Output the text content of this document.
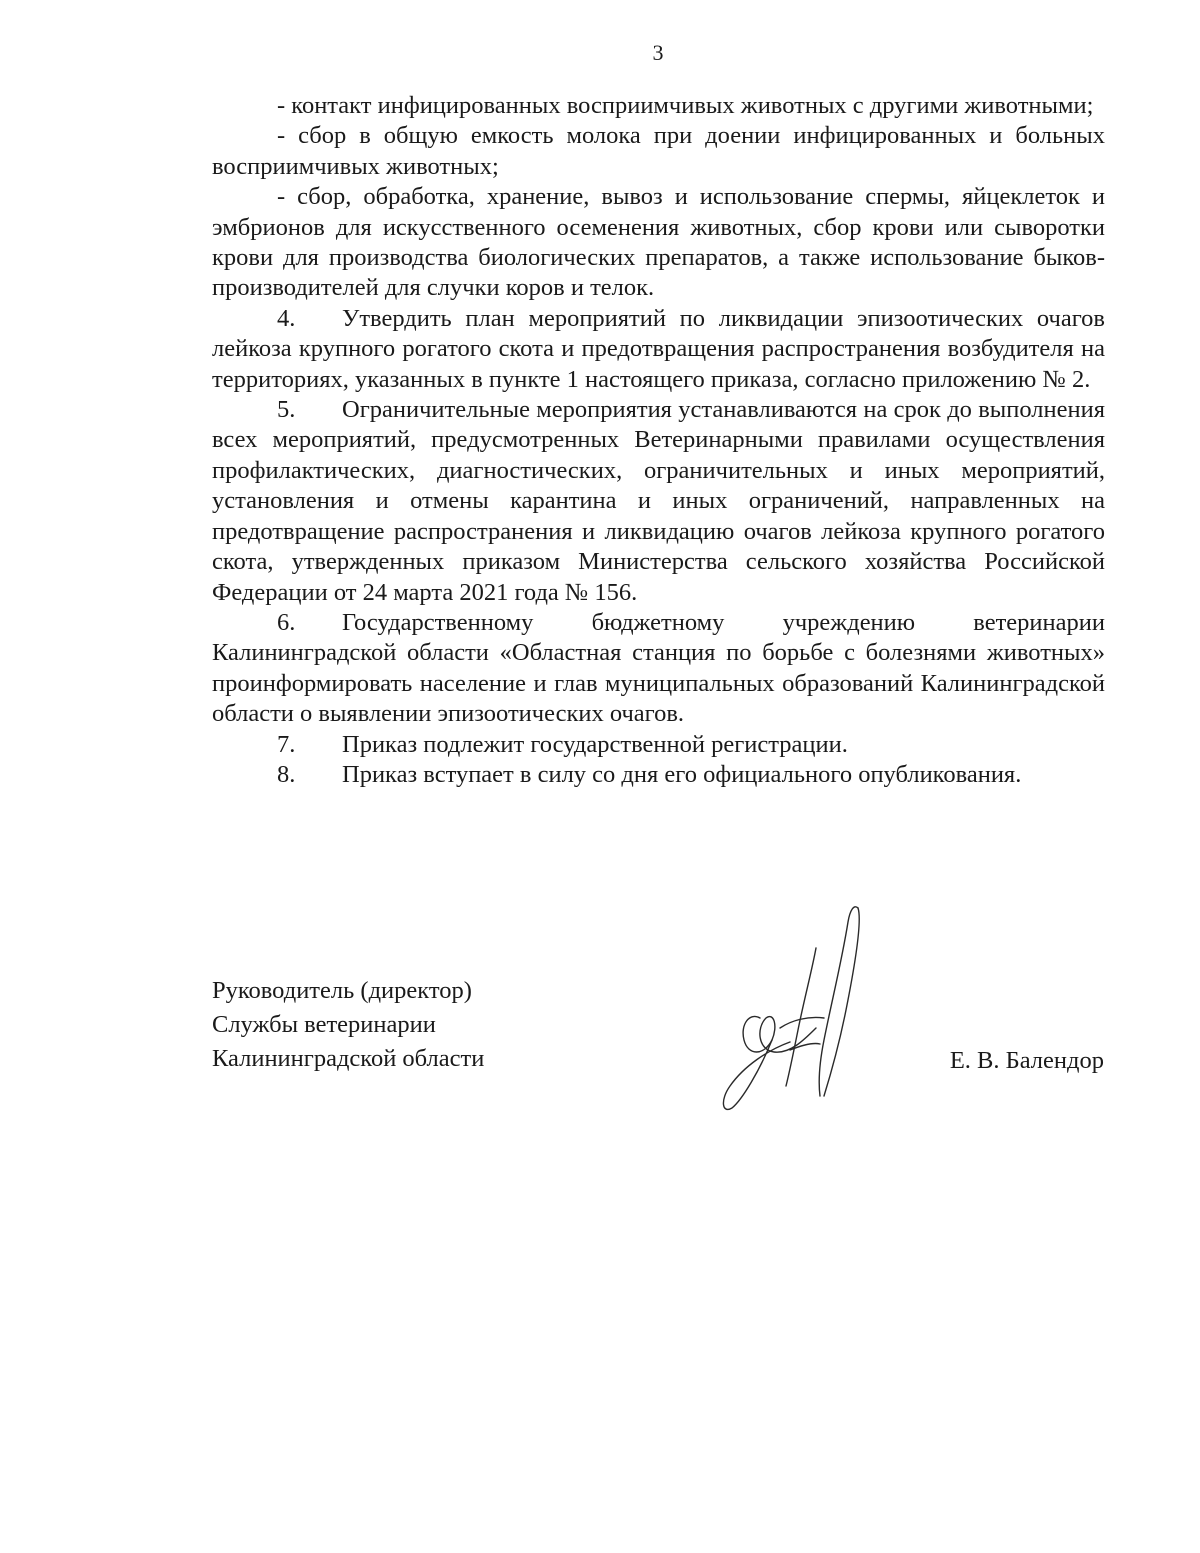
3

- контакт инфицированных восприимчивых животных с другими животными;

- сбор в общую емкость молока при доении инфицированных и больных восприимчивых животных;

- сбор, обработка, хранение, вывоз и использование спермы, яйцеклеток и эмбрионов для искусственного осеменения животных, сбор крови или сыворотки крови для производства биологических препаратов, а также использование быков-производителей для случки коров и телок.

4. Утвердить план мероприятий по ликвидации эпизоотических очагов лейкоза крупного рогатого скота и предотвращения распространения возбудителя на территориях, указанных в пункте 1 настоящего приказа, согласно приложению № 2.

5. Ограничительные мероприятия устанавливаются на срок до выполнения всех мероприятий, предусмотренных Ветеринарными правилами осуществления профилактических, диагностических, ограничительных и иных мероприятий, установления и отмены карантина и иных ограничений, направленных на предотвращение распространения и ликвидацию очагов лейкоза крупного рогатого скота, утвержденных приказом Министерства сельского хозяйства Российской Федерации от 24 марта 2021 года № 156.

6. Государственному бюджетному учреждению ветеринарии Калининградской области «Областная станция по борьбе с болезнями животных» проинформировать население и глав муниципальных образований Калининградской области о выявлении эпизоотических очагов.

7. Приказ подлежит государственной регистрации.

8. Приказ вступает в силу со дня его официального опубликования.

Руководитель (директор)
Службы ветеринарии
Калининградской области	Е. В. Балендор
